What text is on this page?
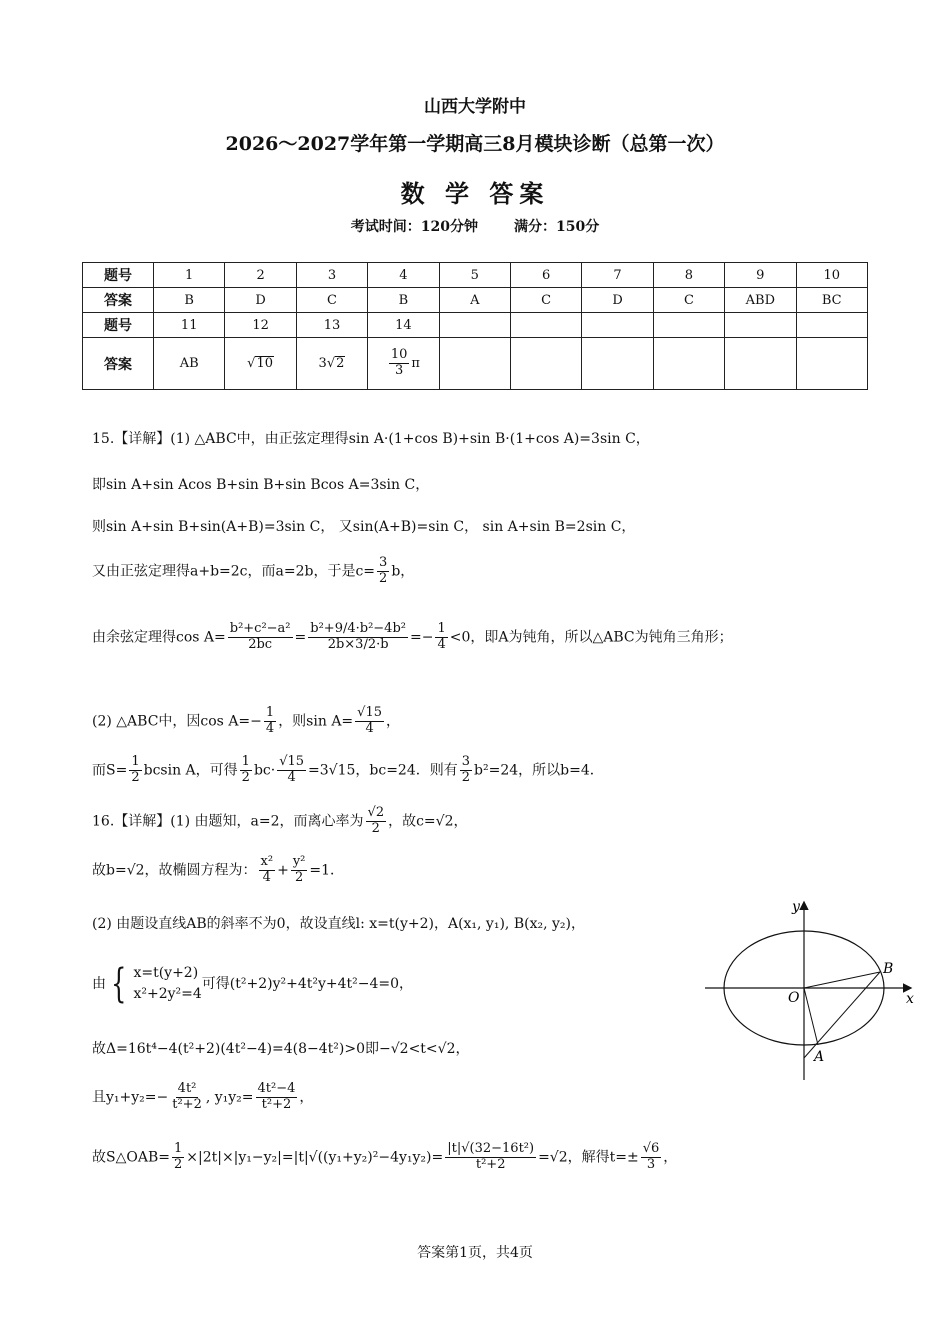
山西大学附中
2026～2027学年第一学期高三8月模块诊断（总第一次）
数 学 答案
考试时间：120分钟	满分：150分
题号	1	2	3	4	5	6	7	8	9	10
答案	B	D	C	B	A	C	D	C	ABD	BC
题号	11	12	13	14						
答案	AB	√10	3√2	$\frac{10}{3}$ π						
15.【详解】(1) △ABC中，由正弦定理得sin A·(1+cos B)+sin B·(1+cos A)=3sin C，
即sin A+sin Acos B+sin B+sin Bcos A=3sin C，
则sin A+sin B+sin(A+B)=3sin C， 又sin(A+B)=sin C， sin A+sin B=2sin C，
又由正弦定理得a+b=2c，而a=2b，于是$c= \frac{3}{2}$ b，
由余弦定理得$\cos A= \frac{\text{b²+c²−a²}}{2bc} = \frac{\text{b²+9/4·b²−4b²}}{2b\times 3/2\cdot b} =- \frac{1}{4} <0$，即A为钝角，所以△ABC为钝角三角形；
(2) △ABC中，因$\cos A=- \frac{1}{4}$ ，则$\sin A= \frac{√15}{4}$ ，
而$S= \frac{1}{2}$ bcsin A，可得 $\frac{1}{2} bc\cdot \frac{√15}{4} =3√15$，bc=24．则有 $\frac{3}{2} b^2=24$，所以b=4．
16.【详解】(1) 由题知，a=2，而离心率为 $\frac{√2}{2}$ ，故c=√2，
故b=√2，故椭圆方程为： $\frac{\text{x²}}{4} + \frac{\text{y²}}{2} =1$．
(2) 由题设直线AB的斜率不为0，故设直线l: x=t(y+2)，A(x₁, y₁), B(x₂, y₂)，
由 { x=t(y+2)
x²+2y²=4
可得(t²+2)y²+4t²y+4t²−4=0，
故Δ=16t⁴−4(t²+2)(4t²−4)=4(8−4t²)>0即−√2<t<√2，
且$y_1+y_2=- \frac{\text{4t²}}{\text{t²+2}}$ , $y_1y_2= \frac{\text{4t²−4}}{\text{t²+2}}$ ，
故S△OAB= $\frac{1}{2} \times|2t|\times|y_1-y_2|=|t|√((y_1+y_2)^2-4y_1y_2)= \frac{\text{|t|√(32−16t²)}}{\text{t²+2}} =√2$，解得$t=\pm \frac{√6}{3}$ ，
y
x
O
A
B
答案第1页，共4页
